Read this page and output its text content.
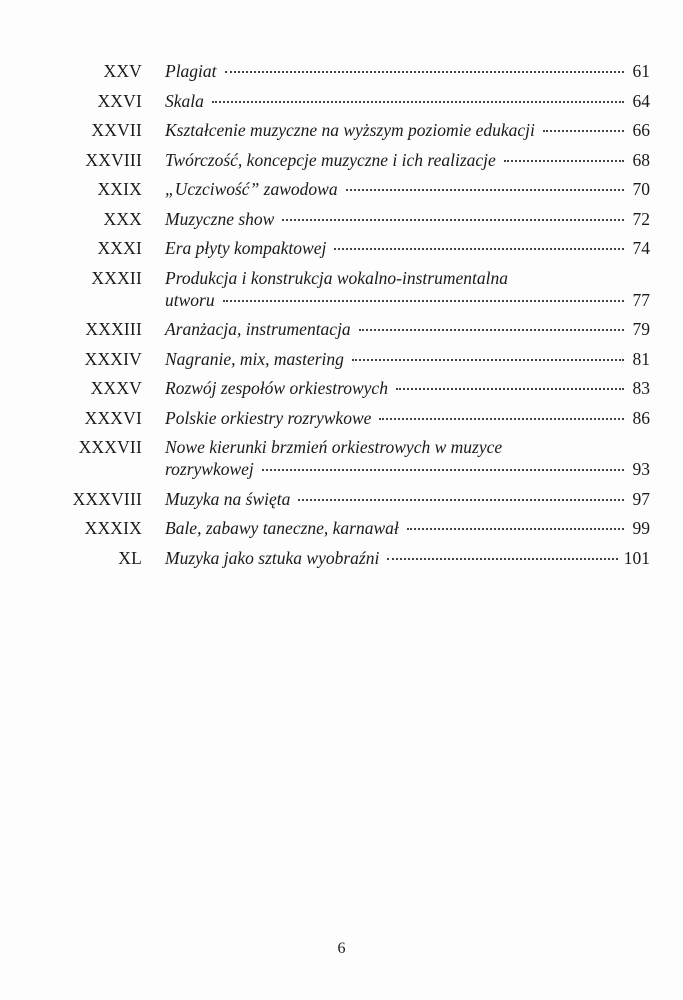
XXV Plagiat	61
XXVI Skala	64
XXVII Kształcenie muzyczne na wyższym poziomie edukacji	66
XXVIII Twórczość, koncepcje muzyczne i ich realizacje	68
XXIX „Uczciwość” zawodowa	70
XXX Muzyczne show	72
XXXI Era płyty kompaktowej	74
XXXII Produkcja i konstrukcja wokalno-instrumentalna
utworu	77
XXXIII Aranżacja, instrumentacja	79
XXXIV Nagranie, mix, mastering	81
XXXV Rozwój zespołów orkiestrowych	83
XXXVI Polskie orkiestry rozrywkowe	86
XXXVII Nowe kierunki brzmień orkiestrowych w muzyce
rozrywkowej	93
XXXVIII Muzyka na święta	97
XXXIX Bale, zabawy taneczne, karnawał	99
XL Muzyka jako sztuka wyobraźni	101
6
